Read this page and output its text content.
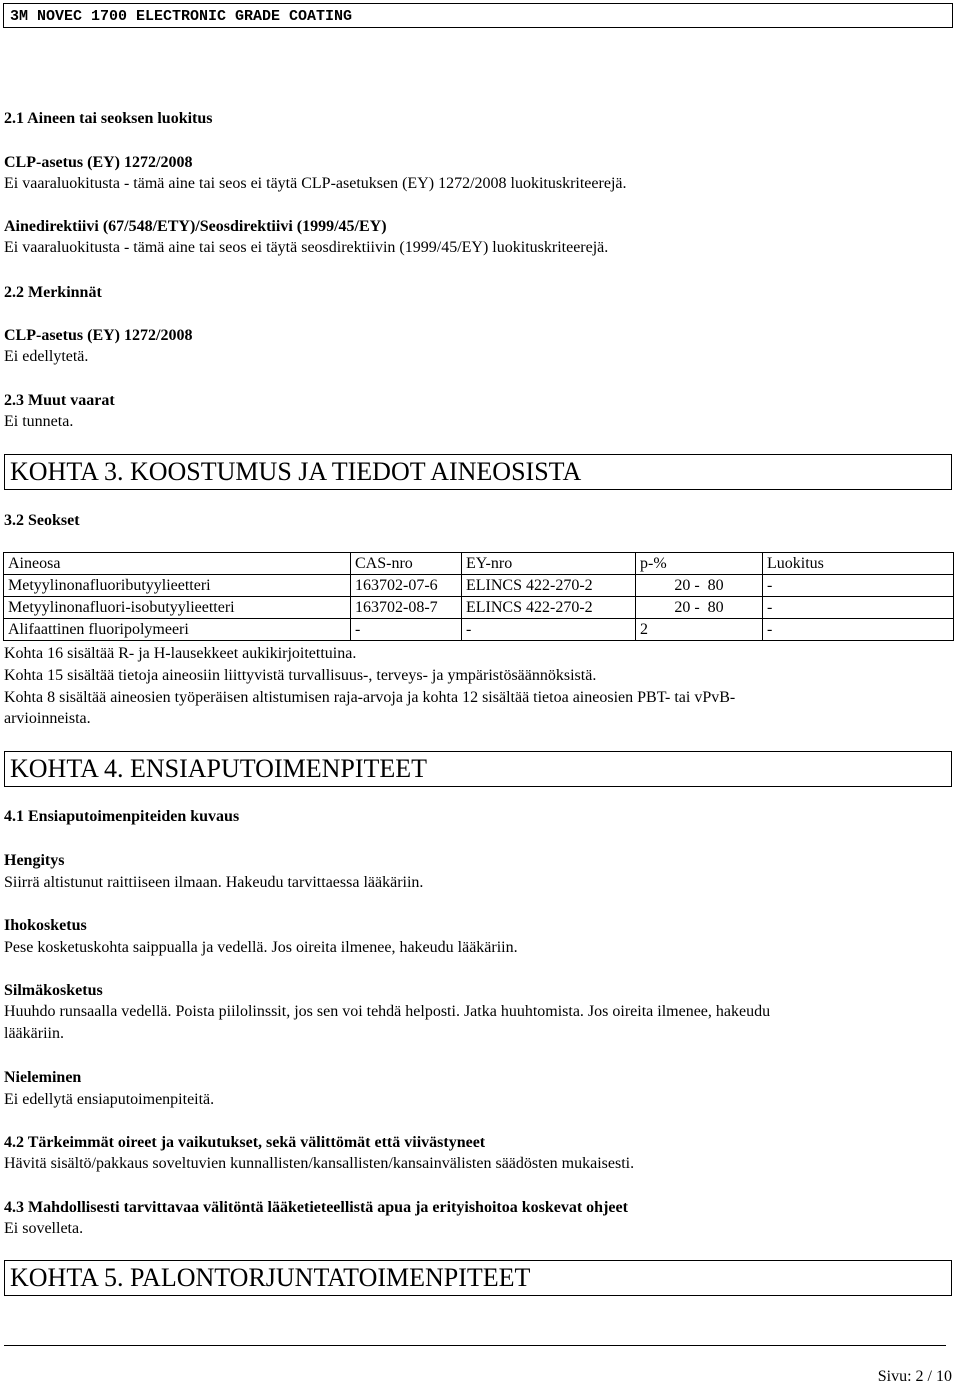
3M NOVEC 1700 ELECTRONIC GRADE COATING
2.1 Aineen tai seoksen luokitus
CLP-asetus (EY) 1272/2008
Ei vaaraluokitusta - tämä aine tai seos ei täytä CLP-asetuksen (EY) 1272/2008 luokituskriteerejä.
Ainedirektiivi (67/548/ETY)/Seosdirektiivi (1999/45/EY)
Ei vaaraluokitusta - tämä aine tai seos ei täytä seosdirektiivin (1999/45/EY) luokituskriteerejä.
2.2 Merkinnät
CLP-asetus (EY) 1272/2008
Ei edellytetä.
2.3 Muut vaarat
Ei tunneta.
KOHTA 3. KOOSTUMUS JA TIEDOT AINEOSISTA
3.2 Seokset
Aineosa	CAS-nro	EY-nro	p-%	Luokitus
Metyylinonafluoributyylieetteri	163702-07-6	ELINCS 422-270-2	20 -  80	-
Metyylinonafluori-isobutyylieetteri	163702-08-7	ELINCS 422-270-2	20 -  80	-
Alifaattinen fluoripolymeeri	-	-	2	-
Kohta 16 sisältää R- ja H-lausekkeet aukikirjoitettuina.
Kohta 15 sisältää tietoja aineosiin liittyvistä turvallisuus-, terveys- ja ympäristösäännöksistä.
Kohta 8 sisältää aineosien työperäisen altistumisen raja-arvoja ja kohta 12 sisältää tietoa aineosien PBT- tai vPvB-
arvioinneista.
KOHTA 4. ENSIAPUTOIMENPITEET
4.1 Ensiaputoimenpiteiden kuvaus
Hengitys
Siirrä altistunut raittiiseen ilmaan. Hakeudu tarvittaessa lääkäriin.
Ihokosketus
Pese kosketuskohta saippualla ja vedellä. Jos oireita ilmenee, hakeudu lääkäriin.
Silmäkosketus
Huuhdo runsaalla vedellä. Poista piilolinssit, jos sen voi tehdä helposti. Jatka huuhtomista. Jos oireita ilmenee, hakeudu
lääkäriin.
Nieleminen
Ei edellytä ensiaputoimenpiteitä.
4.2 Tärkeimmät oireet ja vaikutukset, sekä välittömät että viivästyneet
Hävitä sisältö/pakkaus soveltuvien kunnallisten/kansallisten/kansainvälisten säädösten mukaisesti.
4.3 Mahdollisesti tarvittavaa välitöntä lääketieteellistä apua ja erityishoitoa koskevat ohjeet
Ei sovelleta.
KOHTA 5. PALONTORJUNTATOIMENPITEET
Sivu: 2 / 10
